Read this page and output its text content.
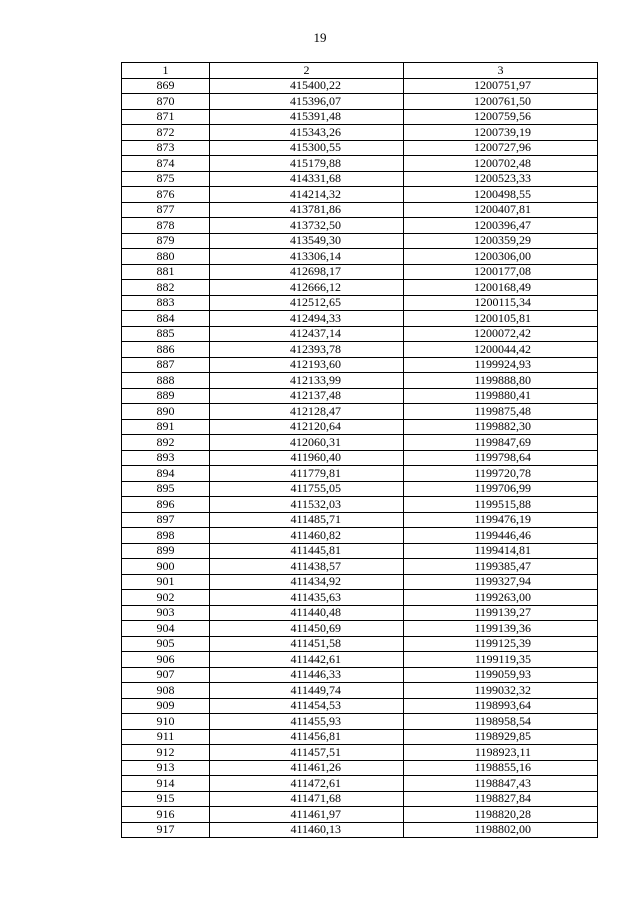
19
1	2	3
869	415400,22	1200751,97
870	415396,07	1200761,50
871	415391,48	1200759,56
872	415343,26	1200739,19
873	415300,55	1200727,96
874	415179,88	1200702,48
875	414331,68	1200523,33
876	414214,32	1200498,55
877	413781,86	1200407,81
878	413732,50	1200396,47
879	413549,30	1200359,29
880	413306,14	1200306,00
881	412698,17	1200177,08
882	412666,12	1200168,49
883	412512,65	1200115,34
884	412494,33	1200105,81
885	412437,14	1200072,42
886	412393,78	1200044,42
887	412193,60	1199924,93
888	412133,99	1199888,80
889	412137,48	1199880,41
890	412128,47	1199875,48
891	412120,64	1199882,30
892	412060,31	1199847,69
893	411960,40	1199798,64
894	411779,81	1199720,78
895	411755,05	1199706,99
896	411532,03	1199515,88
897	411485,71	1199476,19
898	411460,82	1199446,46
899	411445,81	1199414,81
900	411438,57	1199385,47
901	411434,92	1199327,94
902	411435,63	1199263,00
903	411440,48	1199139,27
904	411450,69	1199139,36
905	411451,58	1199125,39
906	411442,61	1199119,35
907	411446,33	1199059,93
908	411449,74	1199032,32
909	411454,53	1198993,64
910	411455,93	1198958,54
911	411456,81	1198929,85
912	411457,51	1198923,11
913	411461,26	1198855,16
914	411472,61	1198847,43
915	411471,68	1198827,84
916	411461,97	1198820,28
917	411460,13	1198802,00
